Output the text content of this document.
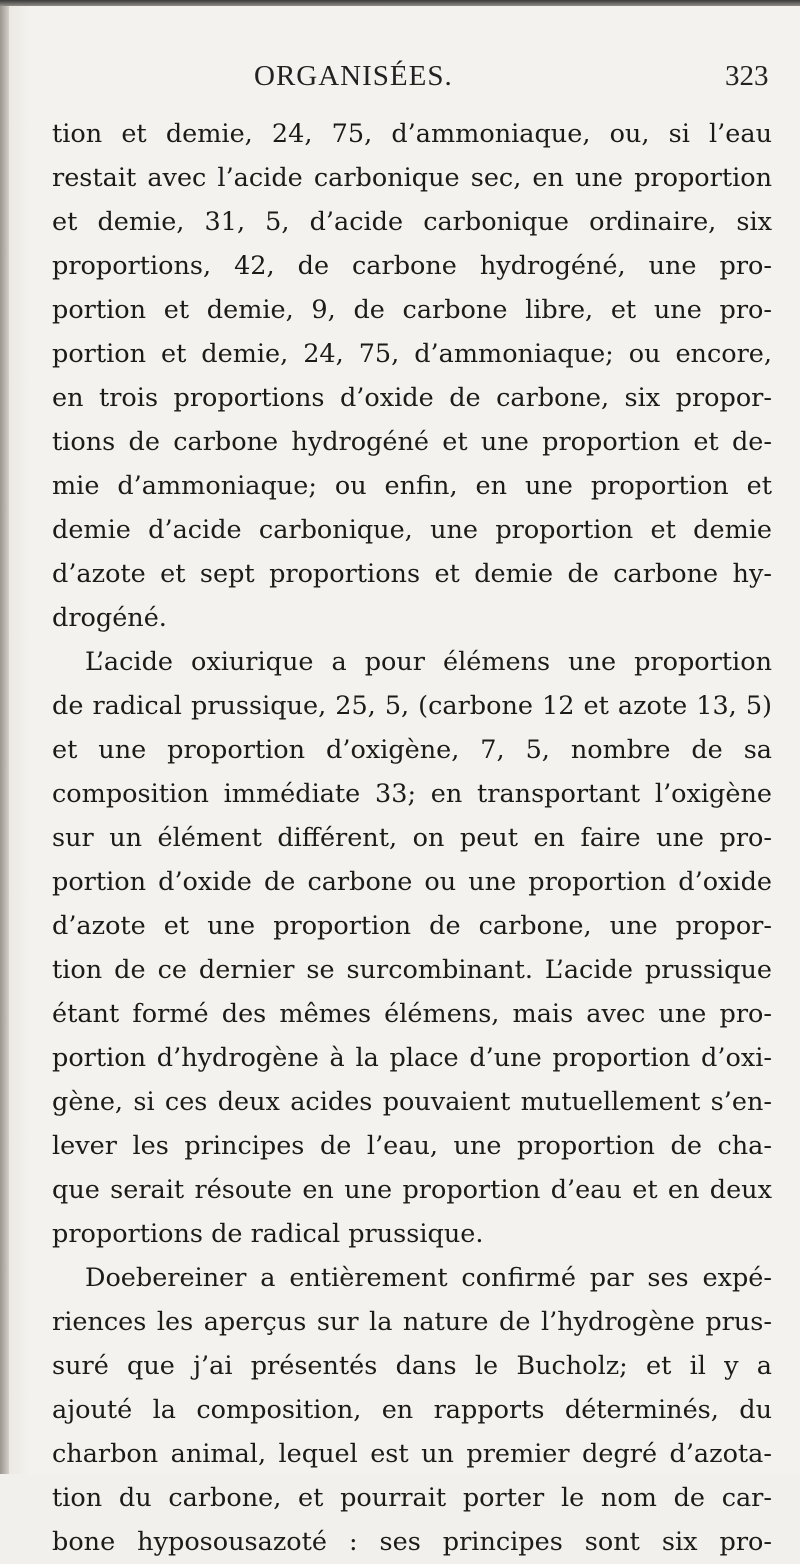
ORGANISÉES.	323
tion et demie, 24, 75, d’ammoniaque, ou, si l’eau
restait avec l’acide carbonique sec, en une proportion
et demie, 31, 5, d’acide carbonique ordinaire, six
proportions, 42, de carbone hydrogéné, une pro-
portion et demie, 9, de carbone libre, et une pro-
portion et demie, 24, 75, d’ammoniaque; ou encore,
en trois proportions d’oxide de carbone, six propor-
tions de carbone hydrogéné et une proportion et de-
mie d’ammoniaque; ou enfin, en une proportion et
demie d’acide carbonique, une proportion et demie
d’azote et sept proportions et demie de carbone hy-
drogéné.
L’acide oxiurique a pour élémens une proportion
de radical prussique, 25, 5, (carbone 12 et azote 13, 5)
et une proportion d’oxigène, 7, 5, nombre de sa
composition immédiate 33; en transportant l’oxigène
sur un élément différent, on peut en faire une pro-
portion d’oxide de carbone ou une proportion d’oxide
d’azote et une proportion de carbone, une propor-
tion de ce dernier se surcombinant. L’acide prussique
étant formé des mêmes élémens, mais avec une pro-
portion d’hydrogène à la place d’une proportion d’oxi-
gène, si ces deux acides pouvaient mutuellement s’en-
lever les principes de l’eau, une proportion de cha-
que serait résoute en une proportion d’eau et en deux
proportions de radical prussique.
Doebereiner a entièrement confirmé par ses expé-
riences les aperçus sur la nature de l’hydrogène prus-
suré que j’ai présentés dans le Bucholz; et il y a
ajouté la composition, en rapports déterminés, du
charbon animal, lequel est un premier degré d’azota-
tion du carbone, et pourrait porter le nom de car-
bone hyposousazoté : ses principes sont six pro-
